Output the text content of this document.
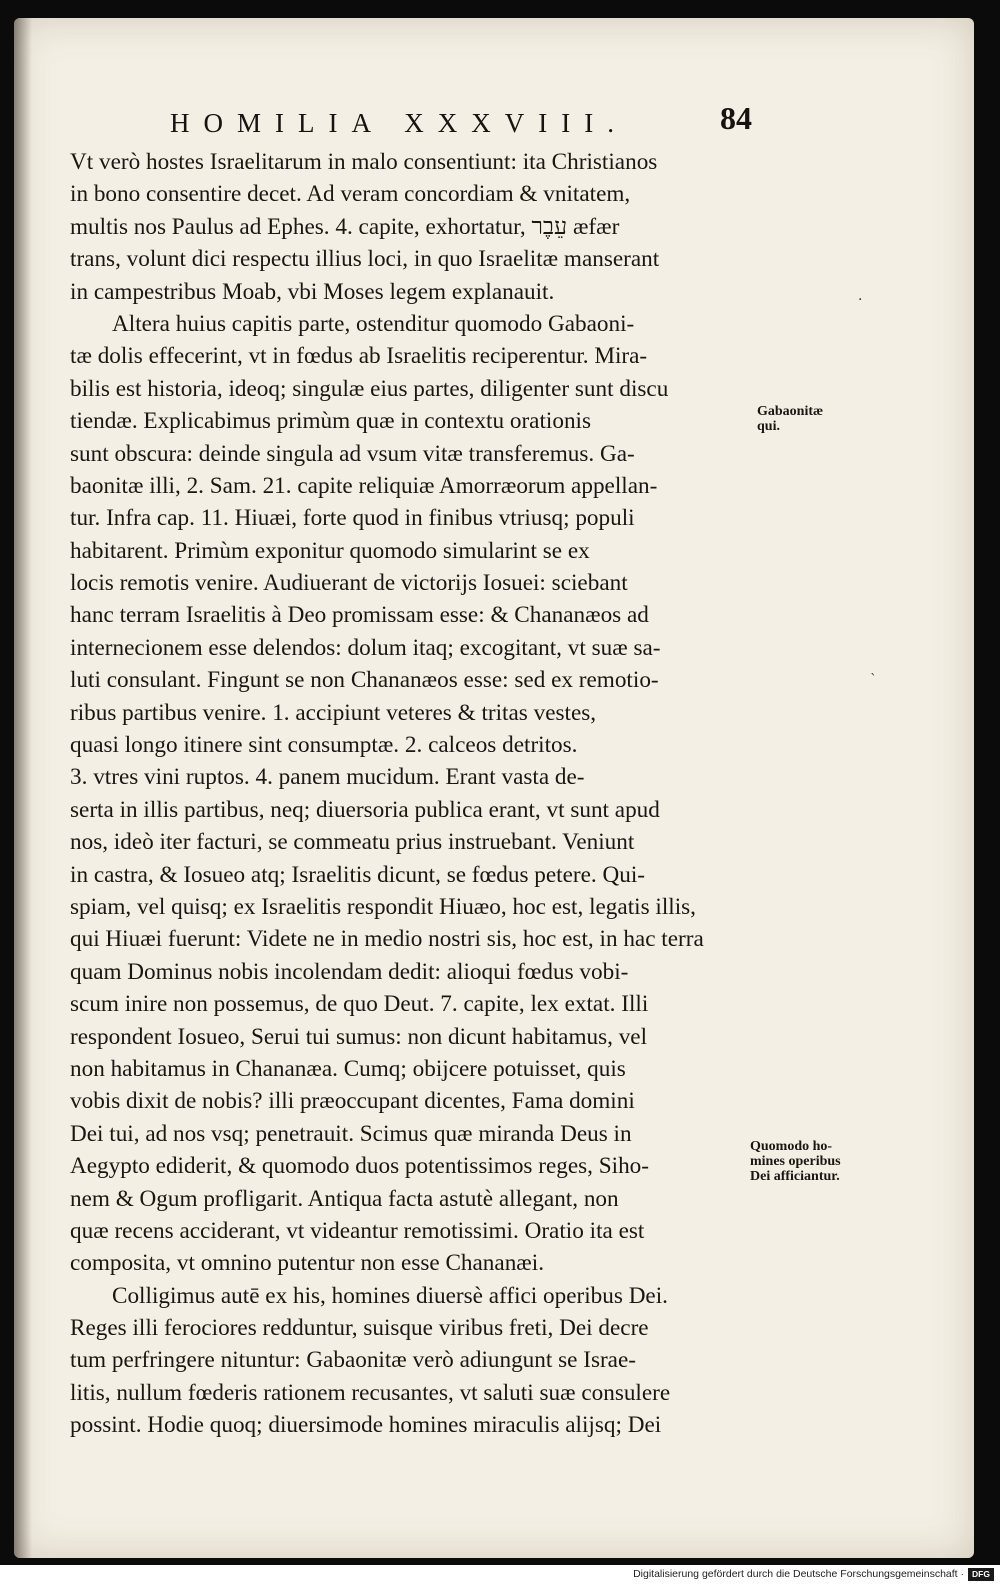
HOMILIA XXXVIII.	84
Vt verò hostes Israelitarum in malo consentiunt: ita Christianos
in bono consentire decet. Ad veram concordiam & vnitatem,
multis nos Paulus ad Ephes. 4. capite, exhortatur, עֵבֶר æfær
trans, volunt dici respectu illius loci, in quo Israelitæ manserant
in campestribus Moab, vbi Moses legem explanauit.
Altera huius capitis parte, ostenditur quomodo Gabaoni-
tæ dolis effecerint, vt in fœdus ab Israelitis reciperentur. Mira-
bilis est historia, ideoq; singulæ eius partes, diligenter sunt discu
tiendæ. Explicabimus primùm quæ in contextu orationis
sunt obscura: deinde singula ad vsum vitæ transferemus. Ga-
baonitæ illi, 2. Sam. 21. capite reliquiæ Amorræorum appellan-
tur. Infra cap. 11. Hiuæi, forte quod in finibus vtriusq; populi
habitarent. Primùm exponitur quomodo simularint se ex
locis remotis venire. Audiuerant de victorijs Iosuei: sciebant
hanc terram Israelitis à Deo promissam esse: & Chananæos ad
internecionem esse delendos: dolum itaq; excogitant, vt suæ sa-
luti consulant. Fingunt se non Chananæos esse: sed ex remotio-
ribus partibus venire. 1. accipiunt veteres & tritas vestes,
quasi longo itinere sint consumptæ. 2. calceos detritos.
3. vtres vini ruptos. 4. panem mucidum. Erant vasta de-
serta in illis partibus, neq; diuersoria publica erant, vt sunt apud
nos, ideò iter facturi, se commeatu prius instruebant. Veniunt
in castra, & Iosueo atq; Israelitis dicunt, se fœdus petere. Qui-
spiam, vel quisq; ex Israelitis respondit Hiuæo, hoc est, legatis illis,
qui Hiuæi fuerunt: Videte ne in medio nostri sis, hoc est, in hac terra
quam Dominus nobis incolendam dedit: alioqui fœdus vobi-
scum inire non possemus, de quo Deut. 7. capite, lex extat. Illi
respondent Iosueo, Serui tui sumus: non dicunt habitamus, vel
non habitamus in Chananæa. Cumq; obijcere potuisset, quis
vobis dixit de nobis? illi præoccupant dicentes, Fama domini
Dei tui, ad nos vsq; penetrauit. Scimus quæ miranda Deus in
Aegypto ediderit, & quomodo duos potentissimos reges, Siho-
nem & Ogum profligarit. Antiqua facta astutè allegant, non
quæ recens acciderant, vt videantur remotissimi. Oratio ita est
composita, vt omnino putentur non esse Chananæi.
Colligimus autē ex his, homines diuersè affici operibus Dei.
Reges illi ferociores redduntur, suisque viribus freti, Dei decre
tum perfringere nituntur: Gabaonitæ verò adiungunt se Israe-
litis, nullum fœderis rationem recusantes, vt saluti suæ consulere
possint. Hodie quoq; diuersimode homines miraculis alijsq; Dei
Gabaonitæ
qui.
Quomodo ho-
mines operibus
Dei afficiantur.
·
ˋ
Digitalisierung gefördert durch die Deutsche Forschungsgemeinschaft · DFG
